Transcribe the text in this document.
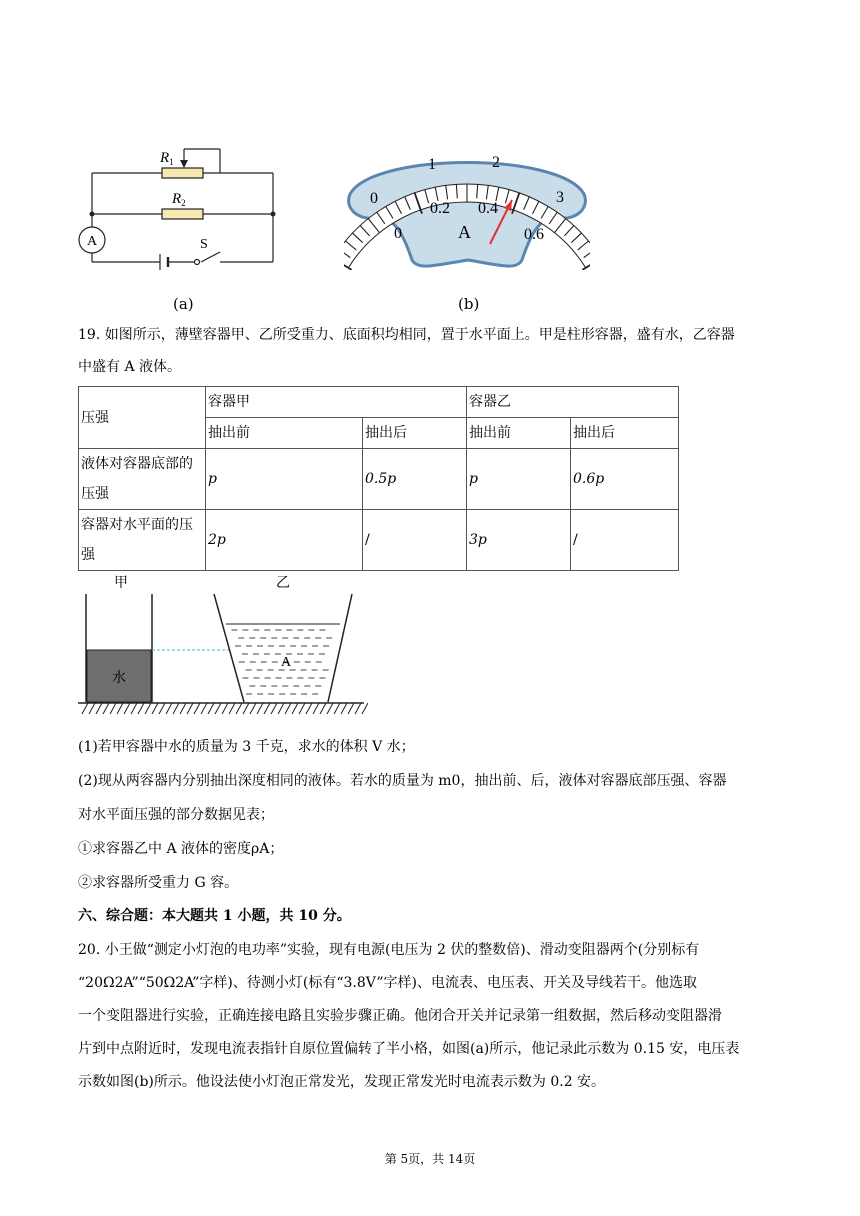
A
$R_1$
$R_2$
S
(a)
0
1	2
3
0
0.2 0.4
0.6
A
(b)
19. 如图所示，薄壁容器甲、乙所受重力、底面积均相同，置于水平面上。甲是柱形容器，盛有水，乙容器
中盛有 A 液体。
压强	容器甲		容器乙	
	抽出前	抽出后	抽出前	抽出后
液体对容器底部的压强	p	0.5p	p	0.6p
容器对水平面的压强	2p	/	3p	/
甲	乙
水
A
(1)若甲容器中水的质量为 3 千克，求水的体积 V 水；
(2)现从两容器内分别抽出深度相同的液体。若水的质量为 m0，抽出前、后，液体对容器底部压强、容器
对水平面压强的部分数据见表；
①求容器乙中 A 液体的密度ρA；
②求容器所受重力 G 容。
六、综合题：本大题共 1 小题，共 10 分。
20. 小王做“测定小灯泡的电功率”实验，现有电源(电压为 2 伏的整数倍)、滑动变阻器两个(分别标有
“20Ω2A”“50Ω2A”字样)、待测小灯(标有“3.8V”字样)、电流表、电压表、开关及导线若干。他选取
一个变阻器进行实验，正确连接电路且实验步骤正确。他闭合开关并记录第一组数据，然后移动变阻器滑
片到中点附近时，发现电流表指针自原位置偏转了半小格，如图(a)所示，他记录此示数为 0.15 安，电压表
示数如图(b)所示。他设法使小灯泡正常发光，发现正常发光时电流表示数为 0.2 安。
第 5页，共 14页
